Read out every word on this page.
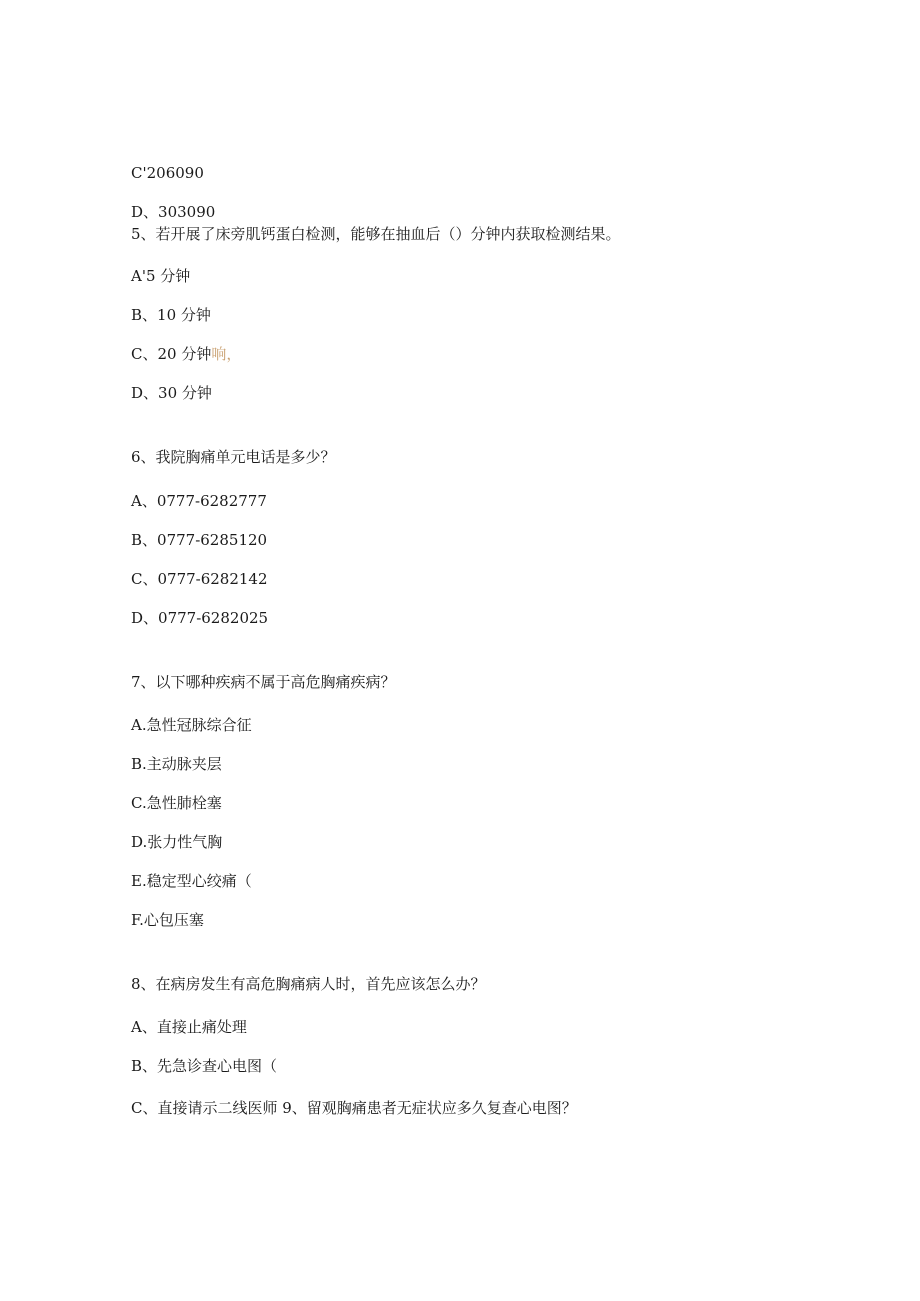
C'206090
D、303090
5、若开展了床旁肌钙蛋白检测，能够在抽血后（）分钟内获取检测结果。
A'5 分钟
B、10 分钟
C、20 分钟响，
D、30 分钟
6、我院胸痛单元电话是多少？
A、0777-6282777
B、0777-6285120
C、0777-6282142
D、0777-6282025
7、以下哪种疾病不属于高危胸痛疾病？
A.急性冠脉综合征
B.主动脉夹层
C.急性肺栓塞
D.张力性气胸
E.稳定型心绞痛（
F.心包压塞
8、在病房发生有高危胸痛病人时，首先应该怎么办？
A、直接止痛处理
B、先急诊查心电图（
C、直接请示二线医师 9、留观胸痛患者无症状应多久复查心电图？
